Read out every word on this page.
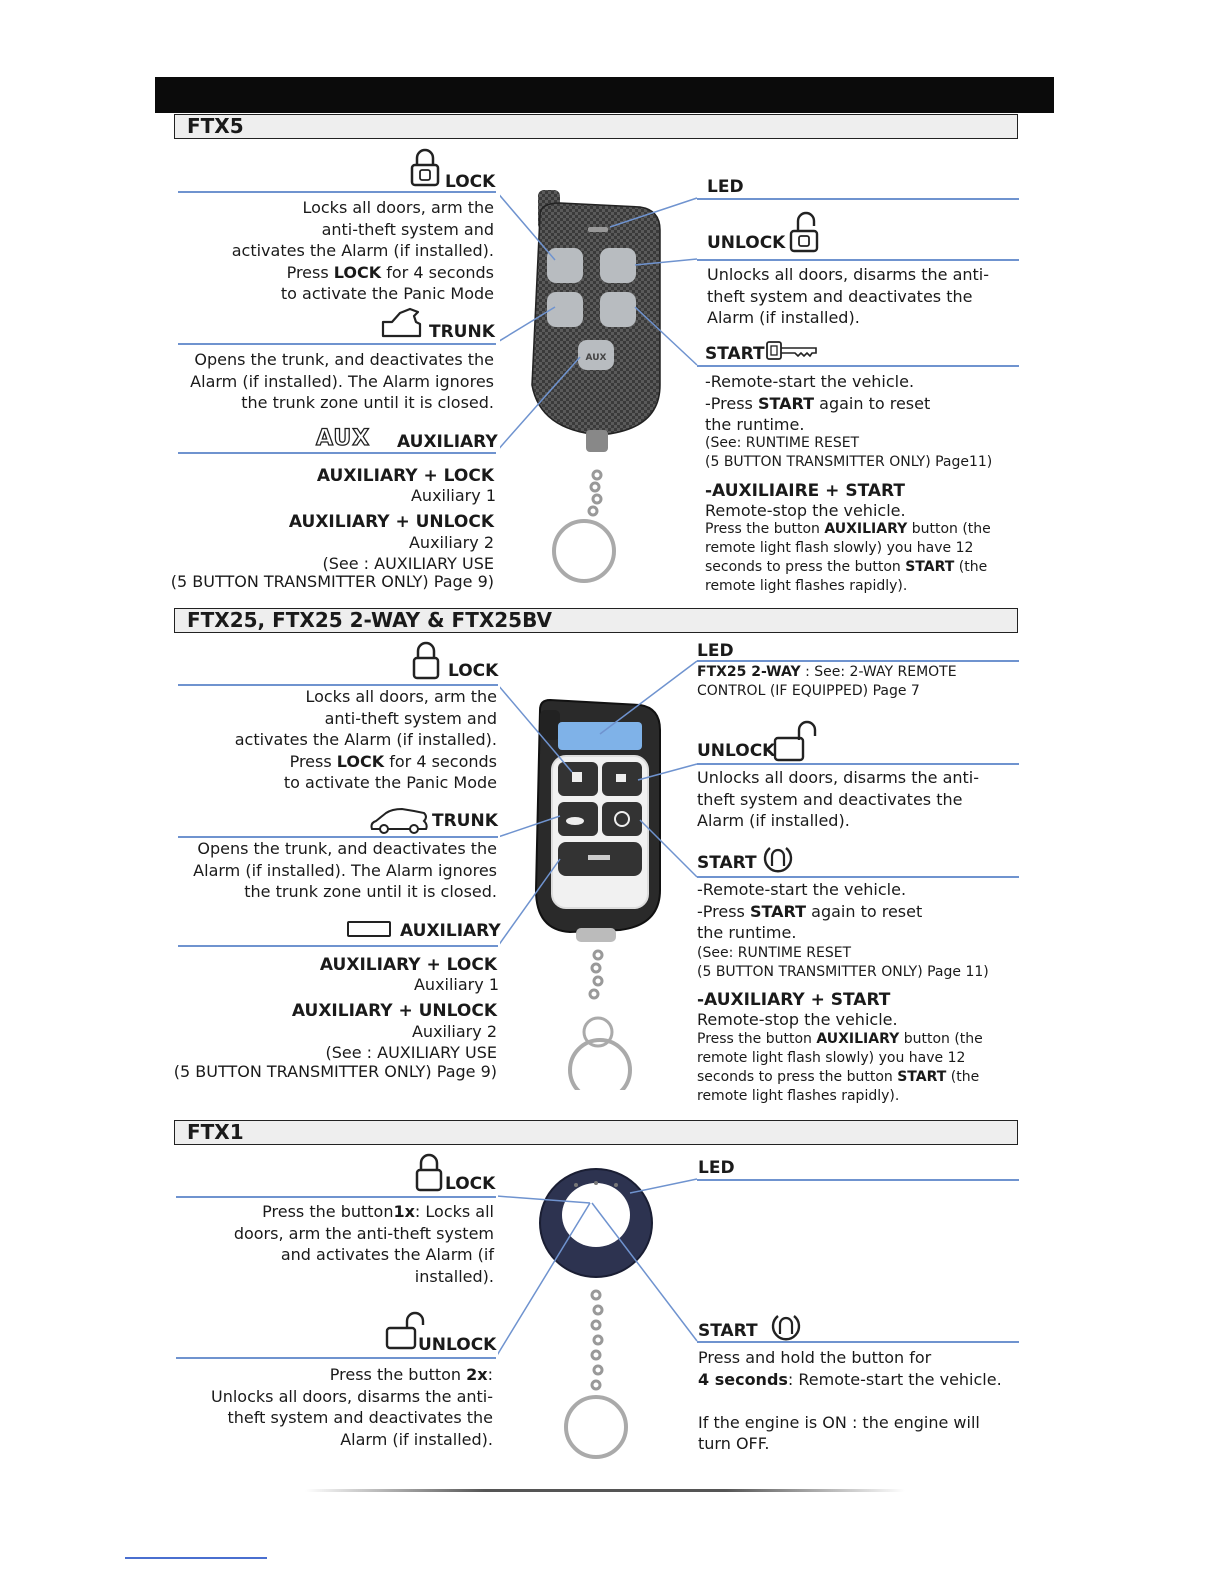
FTX5
LOCK
Locks all doors, arm the
anti-theft system and
activates the Alarm (if installed).
Press LOCK for 4 seconds
to activate the Panic Mode
TRUNK
Opens the trunk, and deactivates the
Alarm (if installed). The Alarm ignores
the trunk zone until it is closed.
AUX AUXILIARY
AUXILIARY + LOCK
Auxiliary 1
AUXILIARY + UNLOCK
Auxiliary 2
(See : AUXILIARY USE
(5 BUTTON TRANSMITTER ONLY) Page 9)
AUX
LED
UNLOCK
Unlocks all doors, disarms the anti-
theft system and deactivates the
Alarm (if installed).
START
-Remote-start the vehicle.
-Press START again to reset
the runtime.
(See: RUNTIME RESET
(5 BUTTON TRANSMITTER ONLY) Page11)
-AUXILIAIRE + START
Remote-stop the vehicle.
Press the button AUXILIARY button (the
remote light flash slowly) you have 12
seconds to press the button START (the
remote light flashes rapidly).
FTX25, FTX25 2-WAY & FTX25BV
LOCK
Locks all doors, arm the
anti-theft system and
activates the Alarm (if installed).
Press LOCK for 4 seconds
to activate the Panic Mode
TRUNK
Opens the trunk, and deactivates the
Alarm (if installed). The Alarm ignores
the trunk zone until it is closed.
AUXILIARY
AUXILIARY + LOCK
Auxiliary 1
AUXILIARY + UNLOCK
Auxiliary 2
(See : AUXILIARY USE
(5 BUTTON TRANSMITTER ONLY) Page 9)
LED
FTX25 2-WAY : See: 2-WAY REMOTE
CONTROL (IF EQUIPPED) Page 7
UNLOCK
Unlocks all doors, disarms the anti-
theft system and deactivates the
Alarm (if installed).
START
-Remote-start the vehicle.
-Press START again to reset
the runtime.
(See: RUNTIME RESET
(5 BUTTON TRANSMITTER ONLY) Page 11)
-AUXILIARY + START
Remote-stop the vehicle.
Press the button AUXILIARY button (the
remote light flash slowly) you have 12
seconds to press the button START (the
remote light flashes rapidly).
FTX1
LOCK
Press the button1x: Locks all
doors, arm the anti-theft system
and activates the Alarm (if
installed).
UNLOCK
Press the button 2x:
Unlocks all doors, disarms the anti-
theft system and deactivates the
Alarm (if installed).
LED
START
Press and hold the button for
4 seconds: Remote-start the vehicle.
If the engine is ON : the engine will
turn OFF.
